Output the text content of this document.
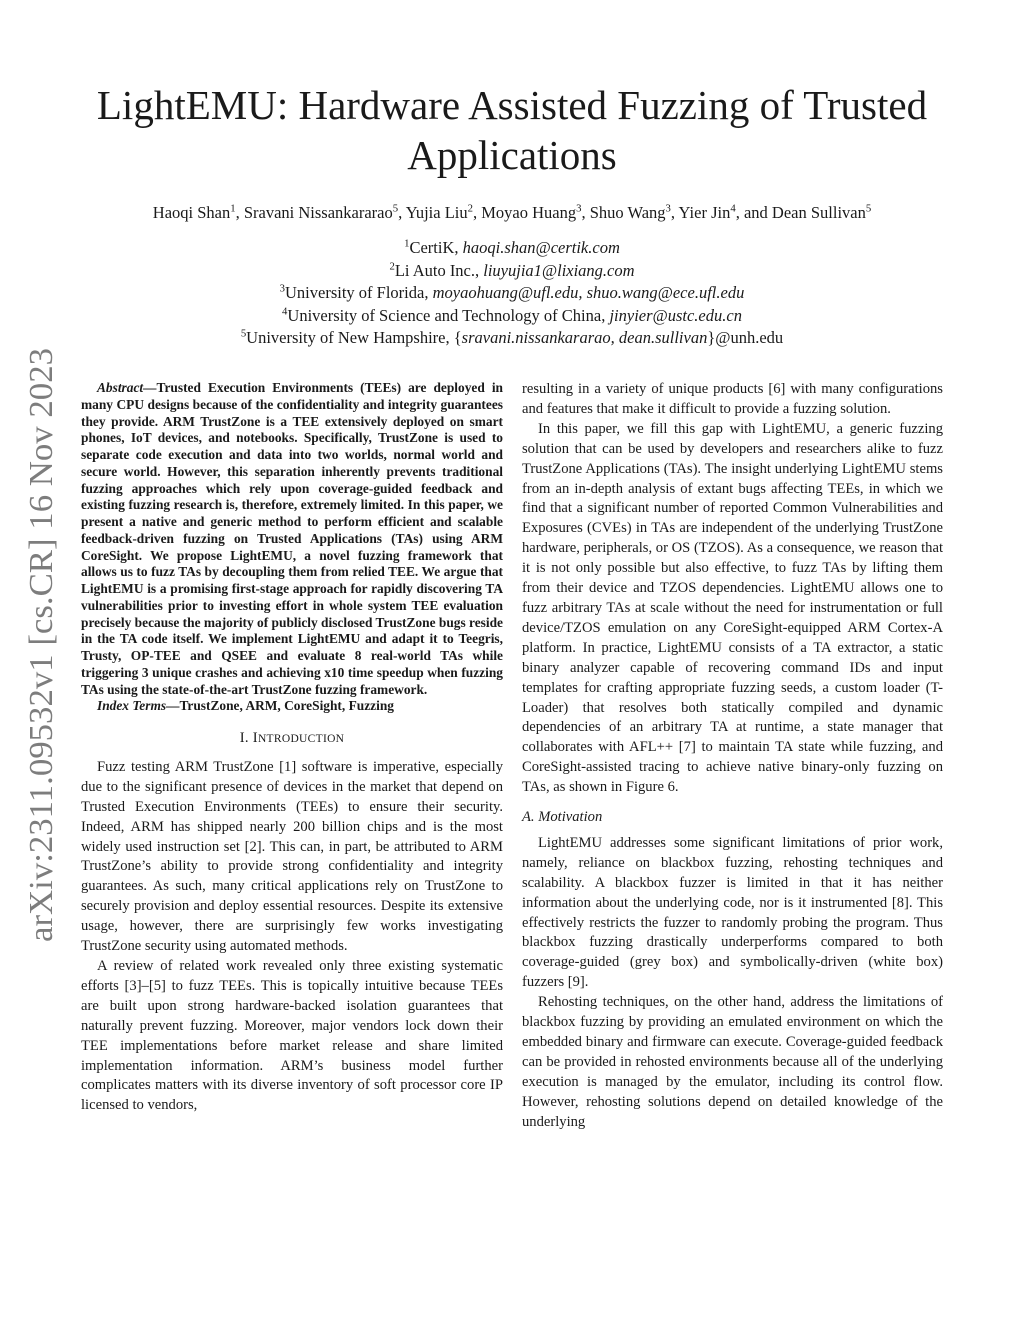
arXiv:2311.09532v1 [cs.CR] 16 Nov 2023
LightEMU: Hardware Assisted Fuzzing of Trusted Applications
Haoqi Shan$^1$, Sravani Nissankararao$^5$, Yujia Liu$^2$, Moyao Huang$^3$, Shuo Wang$^3$, Yier Jin$^4$, and Dean Sullivan$^5$
$^1$CertiK, haoqi.shan@certik.com
$^2$Li Auto Inc., liuyujia1@lixiang.com
$^3$University of Florida, moyaohuang@ufl.edu, shuo.wang@ece.ufl.edu
$^4$University of Science and Technology of China, jinyier@ustc.edu.cn
$^5$University of New Hampshire, {sravani.nissankararao, dean.sullivan}@unh.edu

Abstract—Trusted Execution Environments (TEEs) are deployed in many CPU designs because of the confidentiality and integrity guarantees they provide. ARM TrustZone is a TEE extensively deployed on smart phones, IoT devices, and notebooks. Specifically, TrustZone is used to separate code execution and data into two worlds, normal world and secure world. However, this separation inherently prevents traditional fuzzing approaches which rely upon coverage-guided feedback and existing fuzzing research is, therefore, extremely limited. In this paper, we present a native and generic method to perform efficient and scalable feedback-driven fuzzing on Trusted Applications (TAs) using ARM CoreSight. We propose LightEMU, a novel fuzzing framework that allows us to fuzz TAs by decoupling them from relied TEE. We argue that LightEMU is a promising first-stage approach for rapidly discovering TA vulnerabilities prior to investing effort in whole system TEE evaluation precisely because the majority of publicly disclosed TrustZone bugs reside in the TA code itself. We implement LightEMU and adapt it to Teegris, Trusty, OP-TEE and QSEE and evaluate 8 real-world TAs while triggering 3 unique crashes and achieving x10 time speedup when fuzzing TAs using the state-of-the-art TrustZone fuzzing framework.

Index Terms—TrustZone, ARM, CoreSight, Fuzzing

I. INTRODUCTION

Fuzz testing ARM TrustZone [1] software is imperative, especially due to the significant presence of devices in the market that depend on Trusted Execution Environments (TEEs) to ensure their security. Indeed, ARM has shipped nearly 200 billion chips and is the most widely used instruction set [2]. This can, in part, be attributed to ARM TrustZone’s ability to provide strong confidentiality and integrity guarantees. As such, many critical applications rely on TrustZone to securely provision and deploy essential resources. Despite its extensive usage, however, there are surprisingly few works investigating TrustZone security using automated methods.

A review of related work revealed only three existing systematic efforts [3]–[5] to fuzz TEEs. This is topically intuitive because TEEs are built upon strong hardware-backed isolation guarantees that naturally prevent fuzzing. Moreover, major vendors lock down their TEE implementations before market release and share limited implementation information. ARM’s business model further complicates matters with its diverse inventory of soft processor core IP licensed to vendors,

resulting in a variety of unique products [6] with many configurations and features that make it difficult to provide a fuzzing solution.

In this paper, we fill this gap with LightEMU, a generic fuzzing solution that can be used by developers and researchers alike to fuzz TrustZone Applications (TAs). The insight underlying LightEMU stems from an in-depth analysis of extant bugs affecting TEEs, in which we find that a significant number of reported Common Vulnerabilities and Exposures (CVEs) in TAs are independent of the underlying TrustZone hardware, peripherals, or OS (TZOS). As a consequence, we reason that it is not only possible but also effective, to fuzz TAs by lifting them from their device and TZOS dependencies. LightEMU allows one to fuzz arbitrary TAs at scale without the need for instrumentation or full device/TZOS emulation on any CoreSight-equipped ARM Cortex-A platform. In practice, LightEMU consists of a TA extractor, a static binary analyzer capable of recovering command IDs and input templates for crafting appropriate fuzzing seeds, a custom loader (T-Loader) that resolves both statically compiled and dynamic dependencies of an arbitrary TA at runtime, a state manager that collaborates with AFL++ [7] to maintain TA state while fuzzing, and CoreSight-assisted tracing to achieve native binary-only fuzzing on TAs, as shown in Figure 6.

A. Motivation

LightEMU addresses some significant limitations of prior work, namely, reliance on blackbox fuzzing, rehosting techniques and scalability. A blackbox fuzzer is limited in that it has neither information about the underlying code, nor is it instrumented [8]. This effectively restricts the fuzzer to randomly probing the program. Thus blackbox fuzzing drastically underperforms compared to both coverage-guided (grey box) and symbolically-driven (white box) fuzzers [9].

Rehosting techniques, on the other hand, address the limitations of blackbox fuzzing by providing an emulated environment on which the embedded binary and firmware can execute. Coverage-guided feedback can be provided in rehosted environments because all of the underlying execution is managed by the emulator, including its control flow. However, rehosting solutions depend on detailed knowledge of the underlying
